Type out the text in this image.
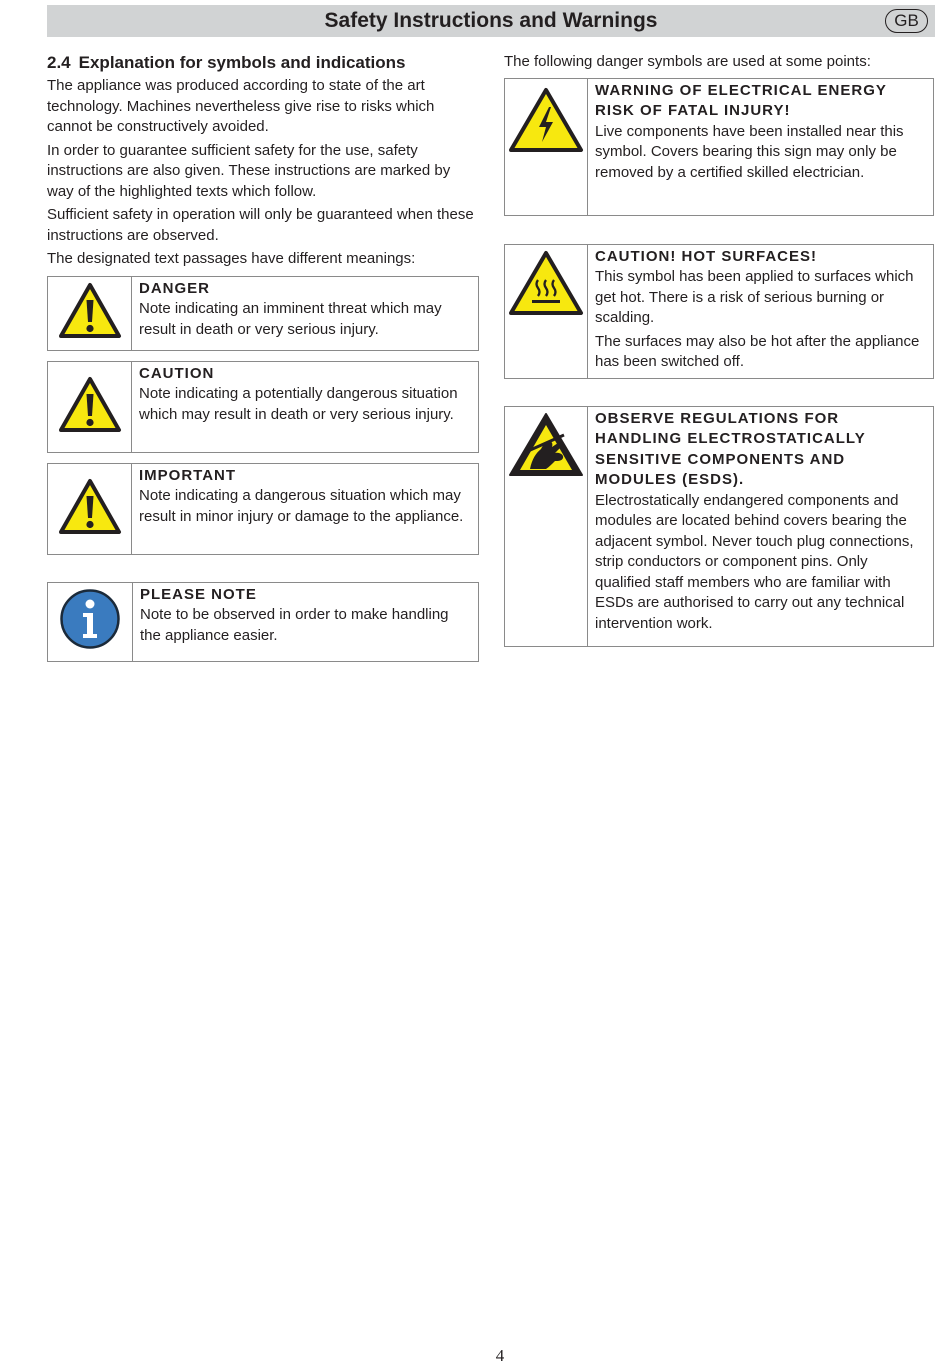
Safety Instructions and Warnings	GB
2.4 Explanation for symbols and indications

The appliance was produced according to state of the art technology. Machines nevertheless give rise to risks which cannot be constructively avoided.

In order to guarantee sufficient safety for the use, safety instructions are also given. These instructions are marked by way of the highlighted texts which follow.

Sufficient safety in operation will only be guaranteed when these instructions are observed.

The designated text passages have different meanings:

DANGER
Note indicating an imminent threat which may result in death or very serious injury.
CAUTION
Note indicating a potentially dangerous situation which may result in death or very serious injury.
IMPORTANT
Note indicating a dangerous situation which may result in minor injury or damage to the appliance.
PLEASE NOTE
Note to be observed in order to make handling the appliance easier.

The following danger symbols are used at some points:

WARNING OF ELECTRICAL ENERGY RISK OF FATAL INJURY!
Live components have been installed near this symbol. Covers bearing this sign may only be removed by a certified skilled electrician.
CAUTION! HOT SURFACES!
This symbol has been applied to surfaces which get hot. There is a risk of serious burning or scalding.
The surfaces may also be hot after the appliance has been switched off.
OBSERVE REGULATIONS FOR HANDLING ELECTROSTATICALLY SENSITIVE COMPONENTS AND MODULES (ESDS).
Electrostatically endangered components and modules are located behind covers bearing the adjacent symbol. Never touch plug connections, strip conductors or component pins. Only qualified staff members who are familiar with ESDs are authorised to carry out any technical intervention work.
4
